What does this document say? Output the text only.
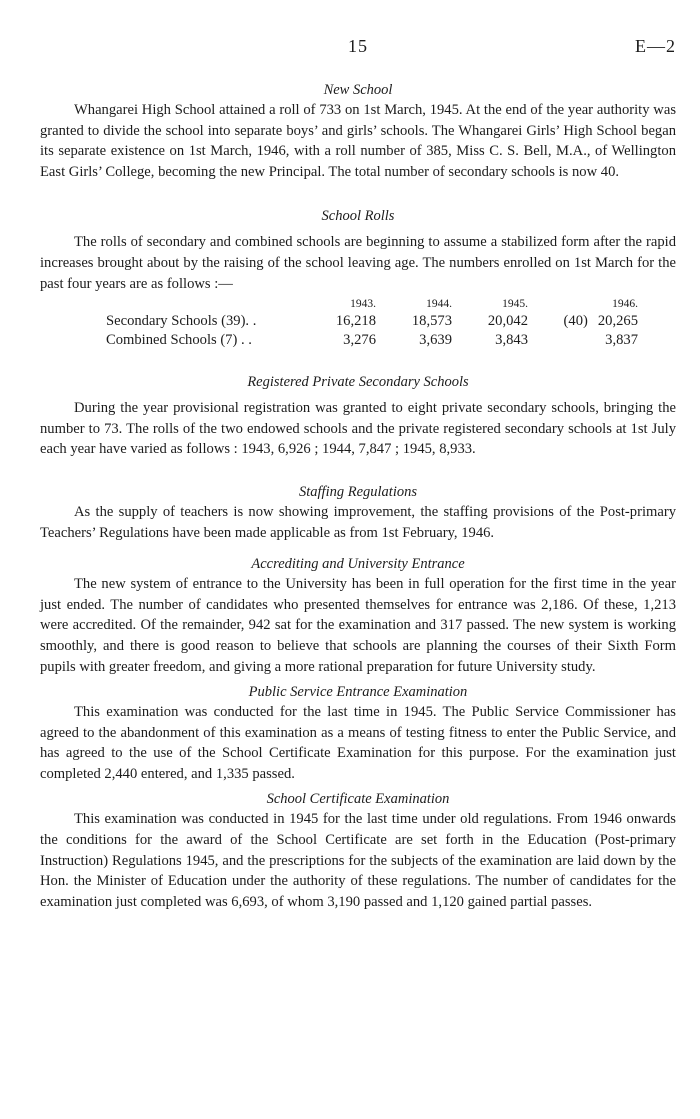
15	E—2
New School

Whangarei High School attained a roll of 733 on 1st March, 1945. At the end of the year authority was granted to divide the school into separate boys’ and girls’ schools. The Whangarei Girls’ High School began its separate existence on 1st March, 1946, with a roll number of 385, Miss C. S. Bell, M.A., of Wellington East Girls’ College, becoming the new Principal. The total number of secondary schools is now 40.

School Rolls

The rolls of secondary and combined schools are beginning to assume a stabilized form after the rapid increases brought about by the raising of the school leaving age. The numbers enrolled on 1st March for the past four years are as follows :—

	1943.	1944.	1945.	1946.
Secondary Schools (39). .	16,218	18,573	20,042	(40) 20,265
Combined Schools (7) . .	3,276	3,639	3,843	3,837
Registered Private Secondary Schools

During the year provisional registration was granted to eight private secondary schools, bringing the number to 73. The rolls of the two endowed schools and the private registered secondary schools at 1st July each year have varied as follows : 1943, 6,926 ; 1944, 7,847 ; 1945, 8,933.

Staffing Regulations

As the supply of teachers is now showing improvement, the staffing provisions of the Post-primary Teachers’ Regulations have been made applicable as from 1st February, 1946.

Accrediting and University Entrance

The new system of entrance to the University has been in full operation for the first time in the year just ended. The number of candidates who presented themselves for entrance was 2,186. Of these, 1,213 were accredited. Of the remainder, 942 sat for the examination and 317 passed. The new system is working smoothly, and there is good reason to believe that schools are planning the courses of their Sixth Form pupils with greater freedom, and giving a more rational preparation for future University study.

Public Service Entrance Examination

This examination was conducted for the last time in 1945. The Public Service Commissioner has agreed to the abandonment of this examination as a means of testing fitness to enter the Public Service, and has agreed to the use of the School Certificate Examination for this purpose. For the examination just completed 2,440 entered, and 1,335 passed.

School Certificate Examination

This examination was conducted in 1945 for the last time under old regulations. From 1946 onwards the conditions for the award of the School Certificate are set forth in the Education (Post-primary Instruction) Regulations 1945, and the prescriptions for the subjects of the examination are laid down by the Hon. the Minister of Education under the authority of these regulations. The number of candidates for the examination just completed was 6,693, of whom 3,190 passed and 1,120 gained partial passes.
